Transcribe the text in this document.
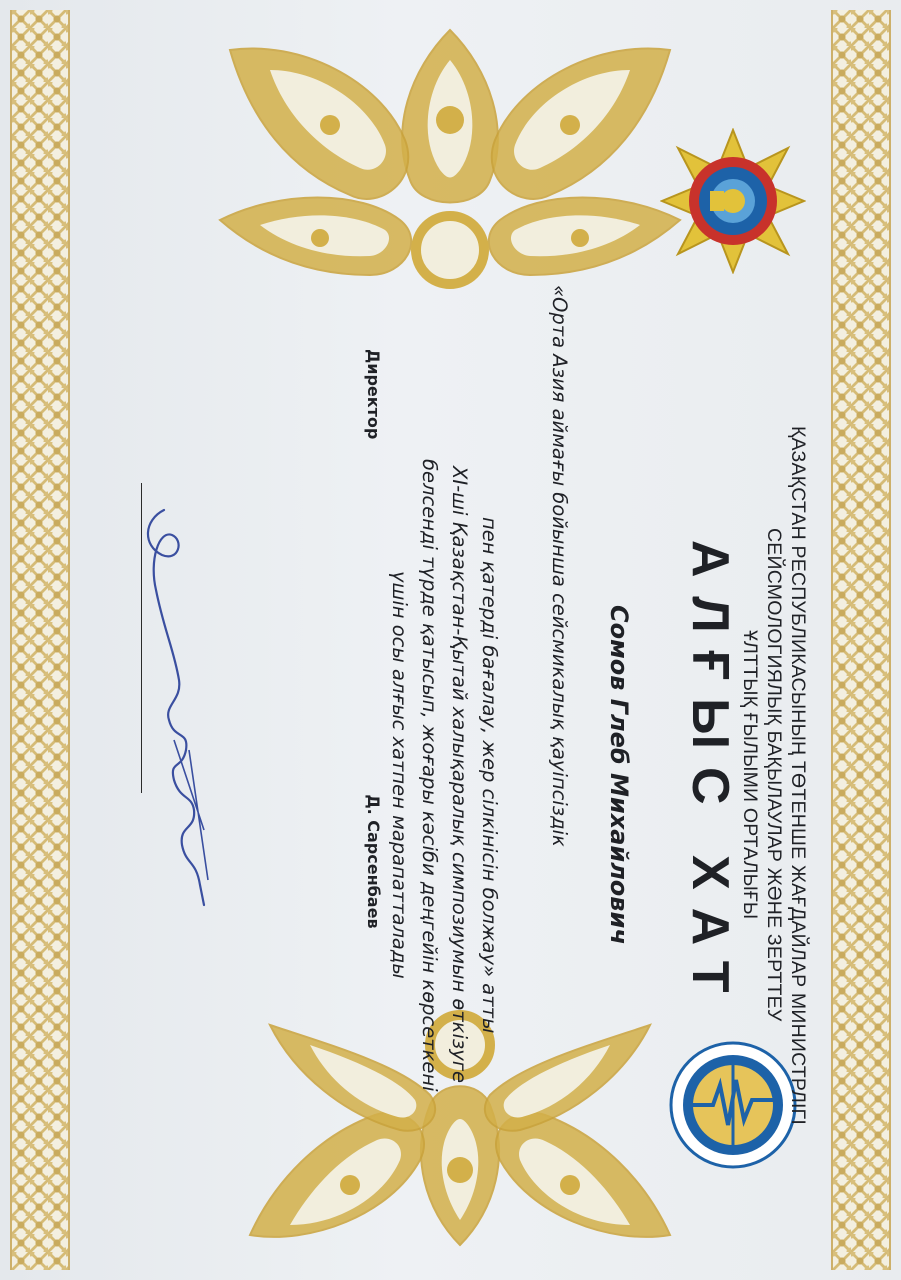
ҚАЗАҚСТАН РЕСПУБЛИКАСЫНЫҢ ТӨТЕНШЕ ЖАҒДАЙЛАР МИНИСТРЛІГІ
СЕЙСМОЛОГИЯЛЫҚ БАҚЫЛАУЛАР ЖӘНЕ ЗЕРТТЕУ
ҰЛТТЫҚ ҒЫЛЫМИ ОРТАЛЫҒЫ
АЛҒЫС ХАТ
Сомов Глеб Михайлович
«Орта Азия аймағы бойынша сейсмикалық қауіпсіздік
пен қатерді бағалау, жер сілкінісін болжау» атты
XI-ші Қазақстан-Қытай халықаралық симпозиумын өткізуге
белсенді түрде қатысып, жоғары кәсіби деңгейін көрсеткені
үшін осы алғыс хатпен марапатталады
ДиректорД. Сарсенбаев
